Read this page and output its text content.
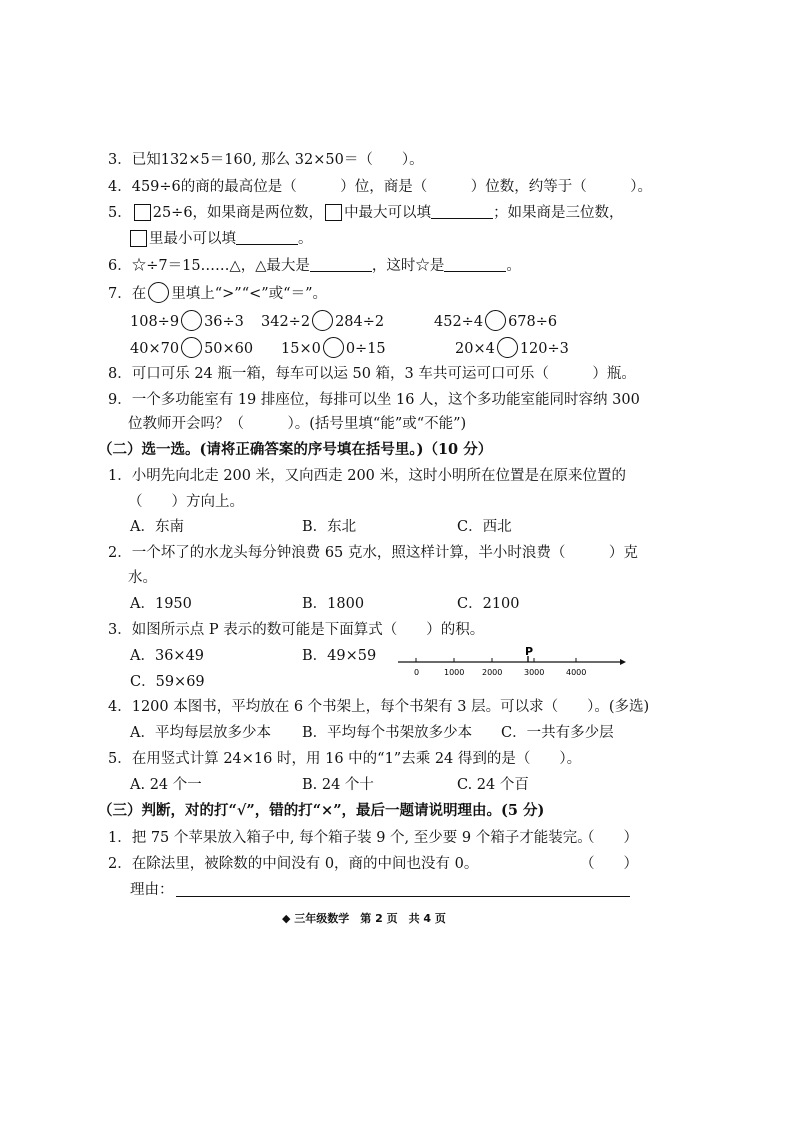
3．已知132×5＝160, 那么 32×50＝（　　）。
4．459÷6的商的最高位是（　　　）位，商是（　　　）位数，约等于（　　　）。
5． 25÷6，如果商是两位数， 中最大可以填	；如果商是三位数，
里最小可以填	。
6．☆÷7＝15……△，△最大是	，这时☆是	。
7．在 里填上“>”“<”或“＝”。
108÷9 36÷3 342÷2 284÷2	452÷4 678÷6
40×70 50×60 15×0 0÷15	20×4 120÷3
8．可口可乐 24 瓶一箱，每车可以运 50 箱，3 车共可运可口可乐（　　　）瓶。
9．一个多功能室有 19 排座位，每排可以坐 16 人，这个多功能室能同时容纳 300
位教师开会吗？（　　　）。(括号里填“能”或“不能”)
（二）选一选。(请将正确答案的序号填在括号里。)（10 分）
1．小明先向北走 200 米，又向西走 200 米，这时小明所在位置是在原来位置的
（　　）方向上。
A．东南	B．东北	C．西北
2．一个坏了的水龙头每分钟浪费 65 克水，照这样计算，半小时浪费（　　　）克
水。
A．1950	B．1800	C．2100
3．如图所示点 P 表示的数可能是下面算式（　　）的积。
A．36×49	B．49×59
C．59×69
P
0	1000 2000	3000	4000
4．1200 本图书，平均放在 6 个书架上，每个书架有 3 层。可以求（　　）。(多选)
A．平均每层放多少本 B．平均每个书架放多少本 C．一共有多少层
5．在用竖式计算 24×16 时，用 16 中的“1”去乘 24 得到的是（　　）。
A. 24 个一	B. 24 个十	C. 24 个百
（三）判断，对的打“√”，错的打“×”，最后一题请说明理由。(5 分)
1．把 75 个苹果放入箱子中, 每个箱子装 9 个, 至少要 9 个箱子才能装完。
（　　）
2．在除法里，被除数的中间没有 0，商的中间也没有 0。	（　　）
理由：
◆ 三年级数学　第 2 页　共 4 页
